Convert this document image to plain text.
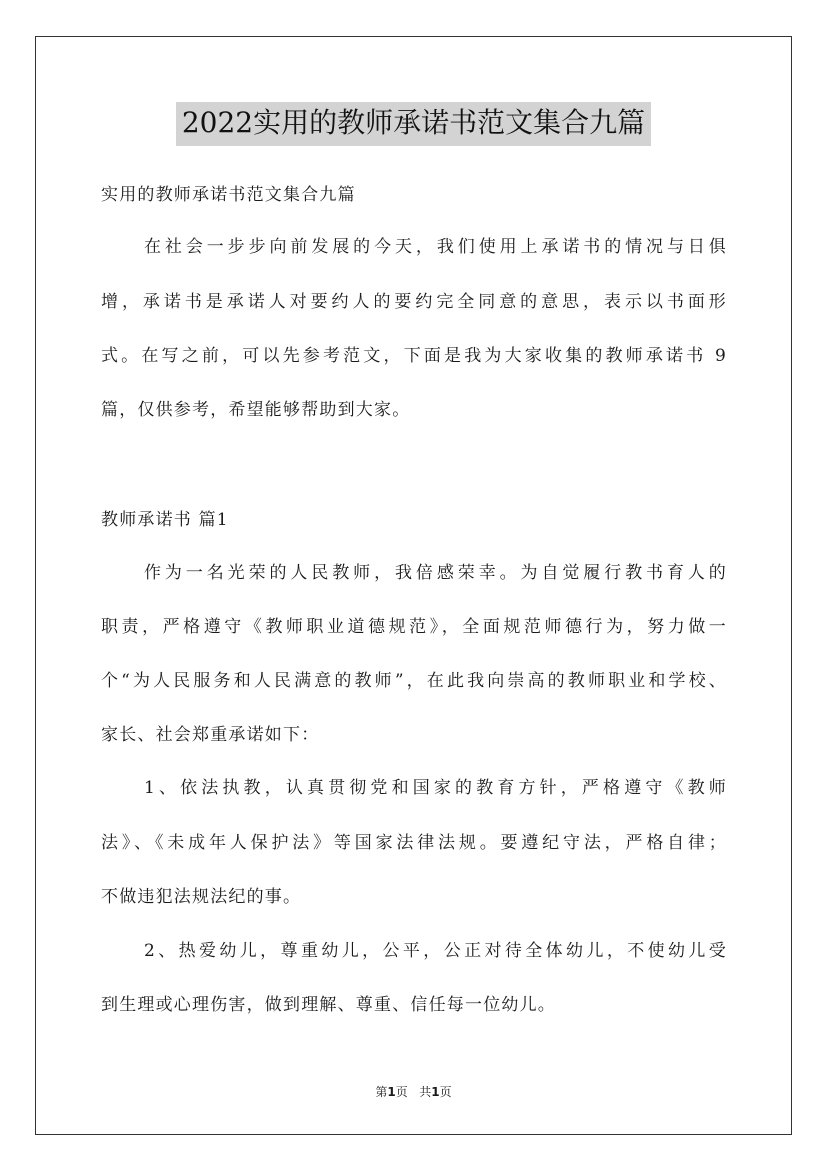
2022实用的教师承诺书范文集合九篇
实用的教师承诺书范文集合九篇
在社会一步步向前发展的今天，我们使用上承诺书的情况与日俱
增，承诺书是承诺人对要约人的要约完全同意的意思，表示以书面形
式。在写之前，可以先参考范文，下面是我为大家收集的教师承诺书 9
篇，仅供参考，希望能够帮助到大家。
教师承诺书 篇1
作为一名光荣的人民教师，我倍感荣幸。为自觉履行教书育人的
职责，严格遵守《教师职业道德规范》，全面规范师德行为，努力做一
个“为人民服务和人民满意的教师”，在此我向崇高的教师职业和学校、
家长、社会郑重承诺如下：
1、依法执教，认真贯彻党和国家的教育方针，严格遵守《教师
法》、《未成年人保护法》等国家法律法规。要遵纪守法，严格自律；
不做违犯法规法纪的事。
2、热爱幼儿，尊重幼儿，公平，公正对待全体幼儿，不使幼儿受
到生理或心理伤害，做到理解、尊重、信任每一位幼儿。
第1页 共1页
